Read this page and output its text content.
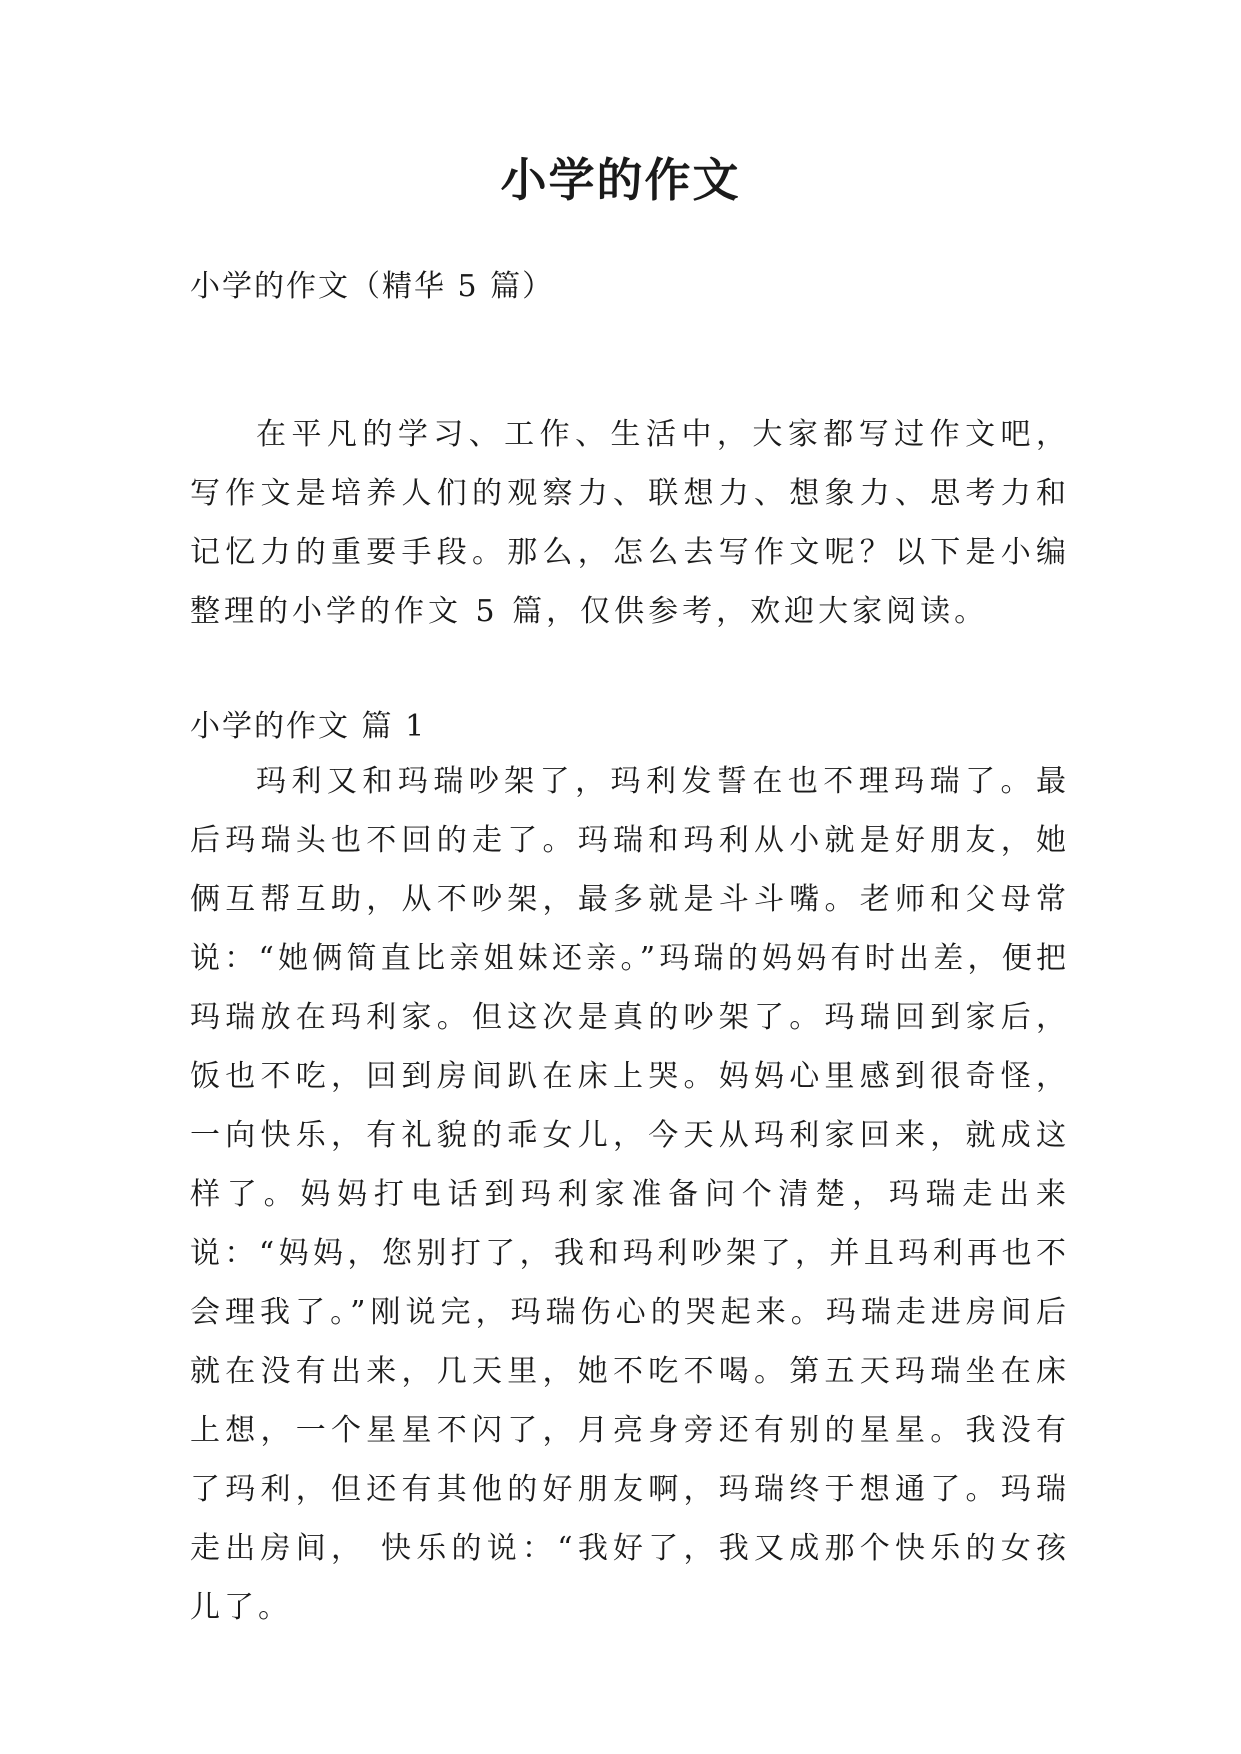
小学的作文

小学的作文（精华 5 篇）

在平凡的学习、工作、生活中，大家都写过作文吧，写作文是培养人们的观察力、联想力、想象力、思考力和记忆力的重要手段。那么，怎么去写作文呢？以下是小编整理的小学的作文 5 篇，仅供参考，欢迎大家阅读。

小学的作文 篇 1

玛利又和玛瑞吵架了，玛利发誓在也不理玛瑞了。最后玛瑞头也不回的走了。玛瑞和玛利从小就是好朋友，她俩互帮互助，从不吵架，最多就是斗斗嘴。老师和父母常说：“她俩简直比亲姐妹还亲。”玛瑞的妈妈有时出差，便把玛瑞放在玛利家。但这次是真的吵架了。玛瑞回到家后，饭也不吃，回到房间趴在床上哭。妈妈心里感到很奇怪，一向快乐，有礼貌的乖女儿，今天从玛利家回来，就成这样了。妈妈打电话到玛利家准备问个清楚，玛瑞走出来说：“妈妈，您别打了，我和玛利吵架了，并且玛利再也不会理我了。”刚说完，玛瑞伤心的哭起来。玛瑞走进房间后就在没有出来，几天里，她不吃不喝。第五天玛瑞坐在床上想，一个星星不闪了，月亮身旁还有别的星星。我没有了玛利，但还有其他的好朋友啊，玛瑞终于想通了。玛瑞走出房间， 快乐的说：“我好了，我又成那个快乐的女孩儿了。
